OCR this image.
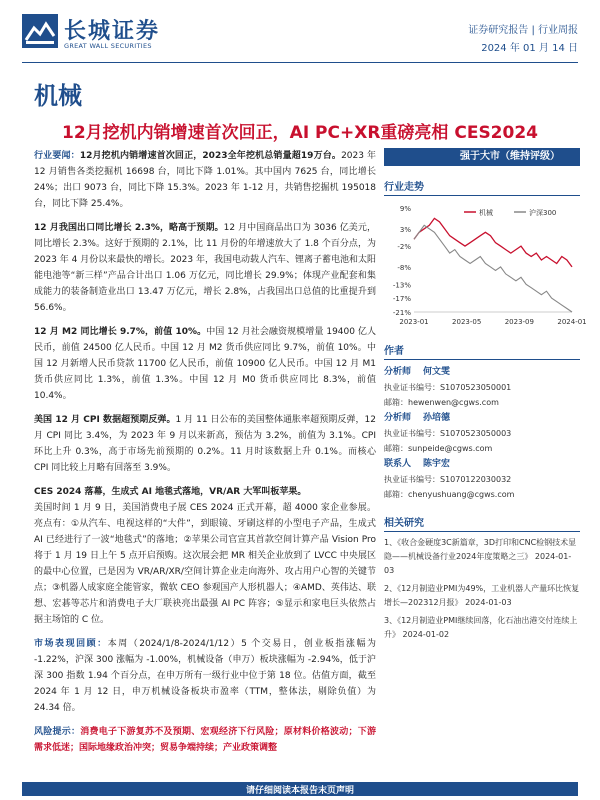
长城证券
GREAT WALL SECURITIES
证券研究报告 | 行业周报
2024 年 01 月 14 日
机械
12月挖机内销增速首次回正，AI PC+XR重磅亮相 CES2024

行业要闻：12月挖机内销增速首次回正，2023全年挖机总销量超19万台。2023 年 12 月销售各类挖掘机 16698 台，同比下降 1.01%。其中国内 7625 台，同比增长 24%；出口 9073 台，同比下降 15.3%。2023 年 1-12 月，共销售挖掘机 195018 台，同比下降 25.4%。

12 月我国出口同比增长 2.3%，略高于预期。12 月中国商品出口为 3036 亿美元，同比增长 2.3%。这好于预期的 2.1%，比 11 月份的年增速放大了 1.8 个百分点，为 2023 年 4 月份以来最快的增长。2023 年，我国电动载人汽车、锂离子蓄电池和太阳能电池等“新三样”产品合计出口 1.06 万亿元，同比增长 29.9%；体现产业配套和集成能力的装备制造业出口 13.47 万亿元，增长 2.8%，占我国出口总值的比重提升到 56.6%。

12 月 M2 同比增长 9.7%，前值 10%。中国 12 月社会融资规模增量 19400 亿人民币，前值 24500 亿人民币。中国 12 月 M2 货币供应同比 9.7%，前值 10%。中国 12 月新增人民币贷款 11700 亿人民币，前值 10900 亿人民币。中国 12 月 M1 货币供应同比 1.3%，前值 1.3%。中国 12 月 M0 货币供应同比 8.3%，前值 10.4%。

美国 12 月 CPI 数据超预期反弹。1 月 11 日公布的美国整体通胀率超预期反弹，12 月 CPI 同比 3.4%，为 2023 年 9 月以来新高，预估为 3.2%，前值为 3.1%。CPI 环比上升 0.3%，高于市场先前预期的 0.2%。11 月时该数据上升 0.1%。而核心 CPI 同比较上月略有回落至 3.9%。

CES 2024 落幕，生成式 AI 地毯式落地，VR/AR 大军叫板苹果。
美国时间 1 月 9 日，美国消费电子展 CES 2024 正式开幕，超 4000 家企业参展。亮点有：①从汽车、电视这样的“大件”，到眼镜、牙刷这样的小型电子产品，生成式 AI 已经进行了一波“地毯式”的落地；②苹果公司官宣其首款空间计算产品 Vision Pro 将于 1 月 19 日上午 5 点开启预购。这次展会把 MR 相关企业放到了 LVCC 中央展区的最中心位置，已是因为 VR/AR/XR/空间计算企业走向海外、攻占用户心智的关键节点；③机器人成家庭全能管家，微软 CEO 参观国产人形机器人；④AMD、英伟达、联想、宏碁等芯片和消费电子大厂联袂亮出最强 AI PC 阵容；⑤显示和家电巨头依然占据主场馆的 C 位。

市场表现回顾：本周（2024/1/8-2024/1/12）5 个交易日，创业板指涨幅为 -1.22%，沪深 300 涨幅为 -1.00%，机械设备（申万）板块涨幅为 -2.94%，低于沪深 300 指数 1.94 个百分点，在申万所有一级行业中位于第 18 位。估值方面，截至 2024 年 1 月 12 日，申万机械设备板块市盈率（TTM，整体法，剔除负值）为 24.34 倍。

风险提示：消费电子下游复苏不及预期、宏观经济下行风险；原材料价格波动；下游需求低迷；国际地缘政治冲突；贸易争端持续；产业政策调整

强于大市（维持评级）
行业走势
9%
3%
-2%
-8%
-13%
-17%
-21%
2023-01	2023-05	2023-09	2024-01
机械	沪深300
作者
分析师 何文雯
执业证书编号：S1070523050001
邮箱：hewenwen@cgws.com
分析师 孙培德
执业证书编号：S1070523050003
邮箱：sunpeide@cgws.com
联系人 陈宇宏
执业证书编号：S1070122030032
邮箱：chenyushuang@cgws.com
相关研究

1、《收合金硬度3C新篇章，3D打印和CNC检钢技术显隐——机械设备行业2024年度策略之三》 2024-01-03

2、《12月制造业PMI为49%，工业机器人产量环比恢复增长—202312月报》 2024-01-03

3、《12月制造业PMI继续回落，化石油出港交付连续上升》 2024-01-02

请仔细阅读本报告末页声明
